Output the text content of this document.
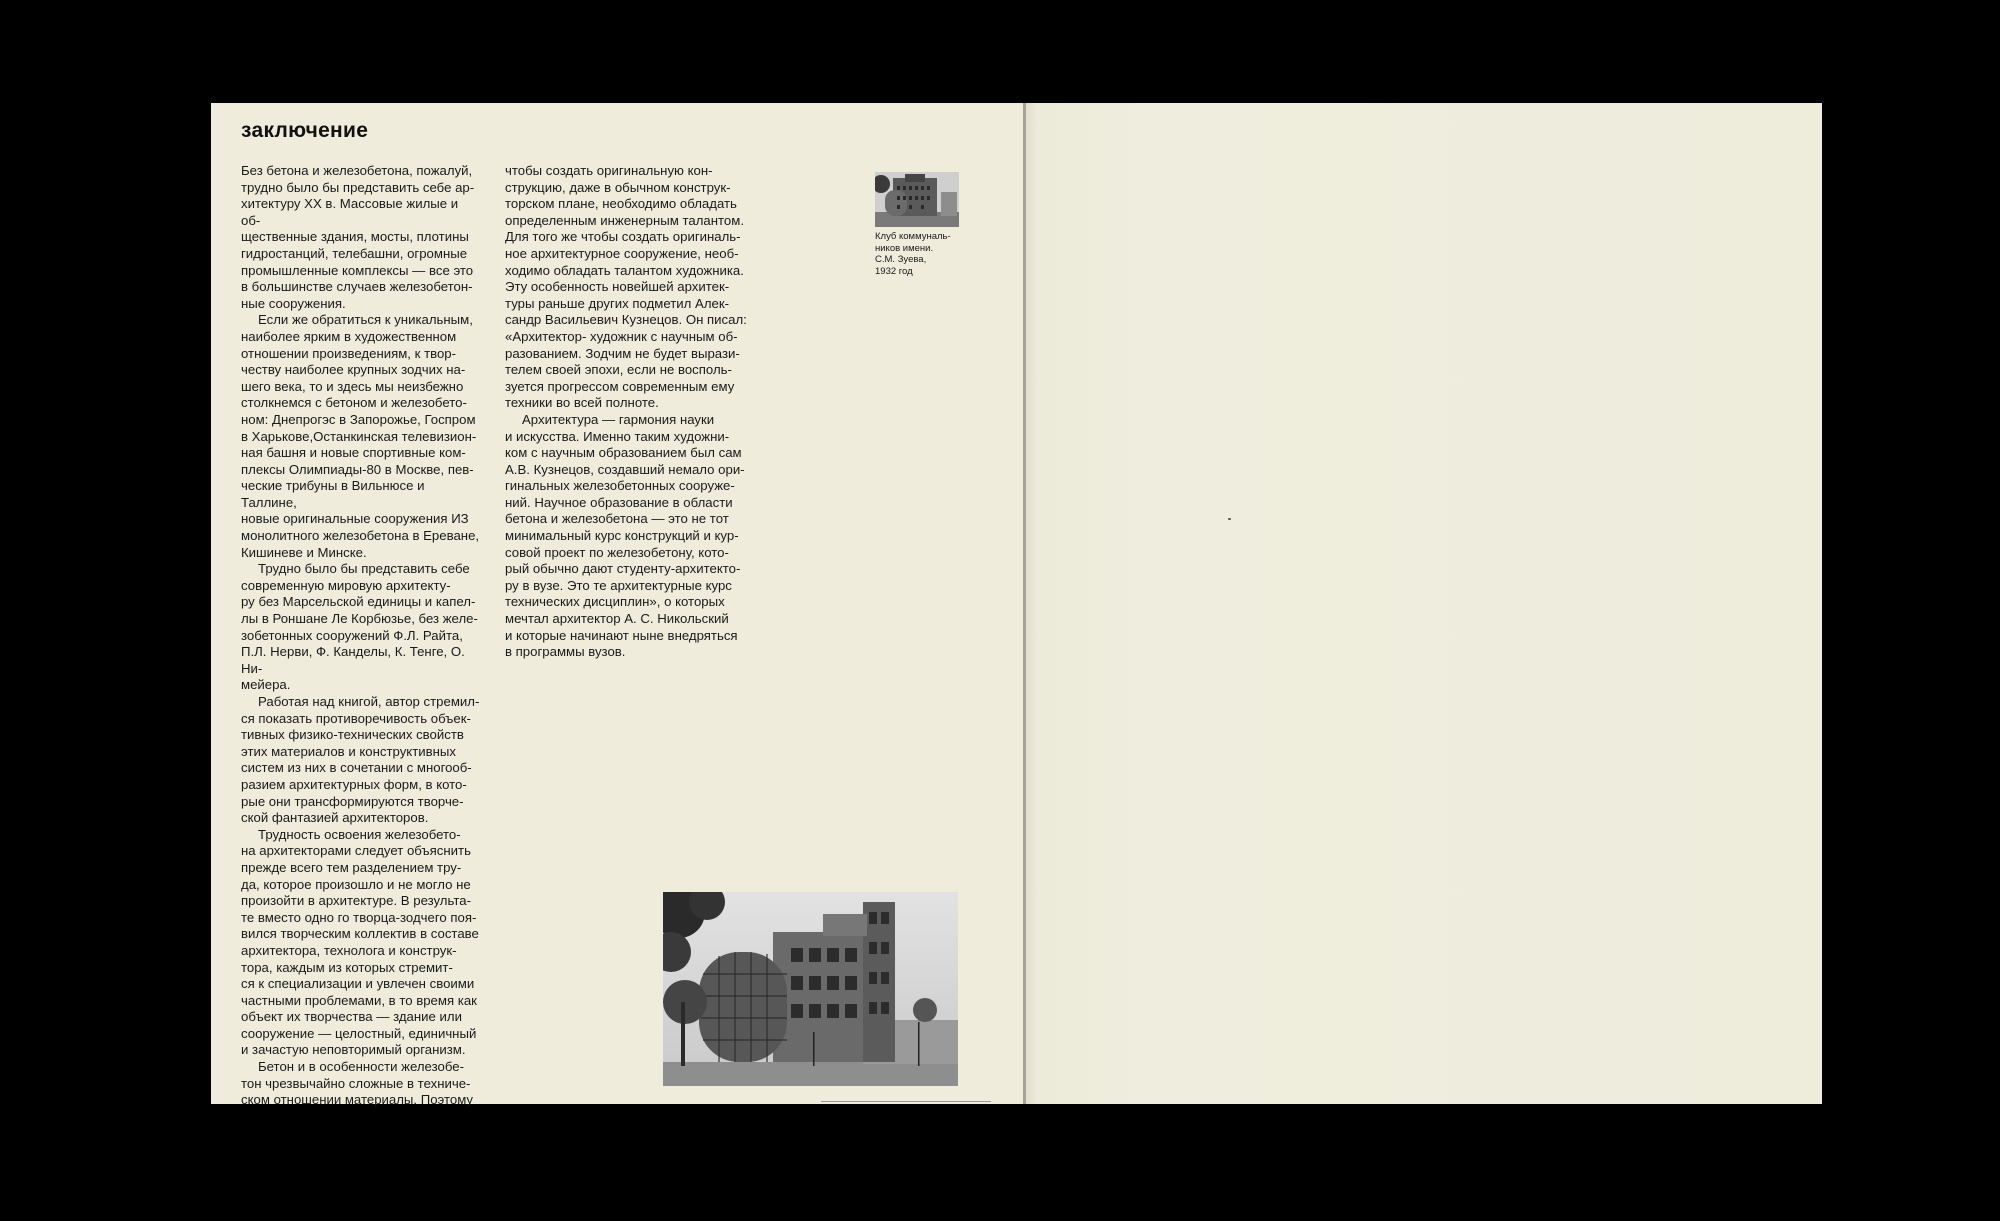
заключение

Без бетона и железобетона, пожалуй,
трудно было бы представить себе ар-
хитектуру XX в. Массовые жилые и об-
щественные здания, мосты, плотины
гидростанций, телебашни, огромные
промышленные комплексы — все это
в большинстве случаев железобетон-
ные сооружения.

Если же обратиться к уникальным,
наиболее ярким в художественном
отношении произведениям, к твор-
честву наиболее крупных зодчих на-
шего века, то и здесь мы неизбежно
столкнемся с бетоном и железобето-
ном: Днепрогэс в Запорожье, Госпром
в Харькове,Останкинская телевизион-
ная башня и новые спортивные ком-
плексы Олимпиады-80 в Москве, пев-
ческие трибуны в Вильнюсе и Таллине,
новые оригинальные сооружения ИЗ
монолитного железобетона в Ереване,
Кишиневе и Минске.

Трудно было бы представить себе
современную мировую архитекту-
ру без Марсельской единицы и капел-
лы в Роншане Ле Корбюзье, без желе-
зобетонных сооружений Ф.Л. Райта,
П.Л. Нерви, Ф. Канделы, К. Тенге, О. Ни-
мейера.

Работая над книгой, автор стремил-
ся показать противоречивость объек-
тивных физико-технических свойств
этих материалов и конструктивных
систем из них в сочетании с многооб-
разием архитектурных форм, в кото-
рые они трансформируются творче-
ской фантазией архитекторов.

Трудность освоения железобето-
на архитекторами следует объяснить
прежде всего тем разделением тру-
да, которое произошло и не могло не
произойти в архитектуре. В результа-
те вместо одно го творца-зодчего поя-
вился творческим коллектив в составе
архитектора, технолога и конструк-
тора, каждым из которых стремит-
ся к специализации и увлечен своими
частными проблемами, в то время как
объект их творчества — здание или
сооружение — целостный, единичный
и зачастую неповторимый организм.

Бетон и в особенности железобе-
тон чрезвычайно сложные в техниче-
ском отношении материалы. Поэтому

чтобы создать оригинальную кон-
струкцию, даже в обычном конструк-
торском плане, необходимо обладать
определенным инженерным талантом.
Для того же чтобы создать оригиналь-
ное архитектурное сооружение, необ-
ходимо обладать талантом художника.
Эту особенность новейшей архитек-
туры раньше других подметил Алек-
сандр Васильевич Кузнецов. Он писал:
«Архитектор- художник с научным об-
разованием. Зодчим не будет вырази-
телем своей эпохи, если не восполь-
зуется прогрессом современным ему
техники во всей полноте.

Архитектура — гармония науки
и искусства. Именно таким художни-
ком с научным образованием был сам
А.В. Кузнецов, создавший немало ори-
гинальных железобетонных сооруже-
ний. Научное образование в области
бетона и железобетона — это не тот
минимальный курс конструкций и кур-
совой проект по железобетону, кото-
рый обычно дают студенту-архитекто-
ру в вузе. Это те архитектурные курс
технических дисциплин», о которых
мечтал архитектор А. С. Никольский
и которые начинают ныне внедряться
в программы вузов.

Клуб коммуналь-
ников имени.
С.М. Зуева,
1932 год
